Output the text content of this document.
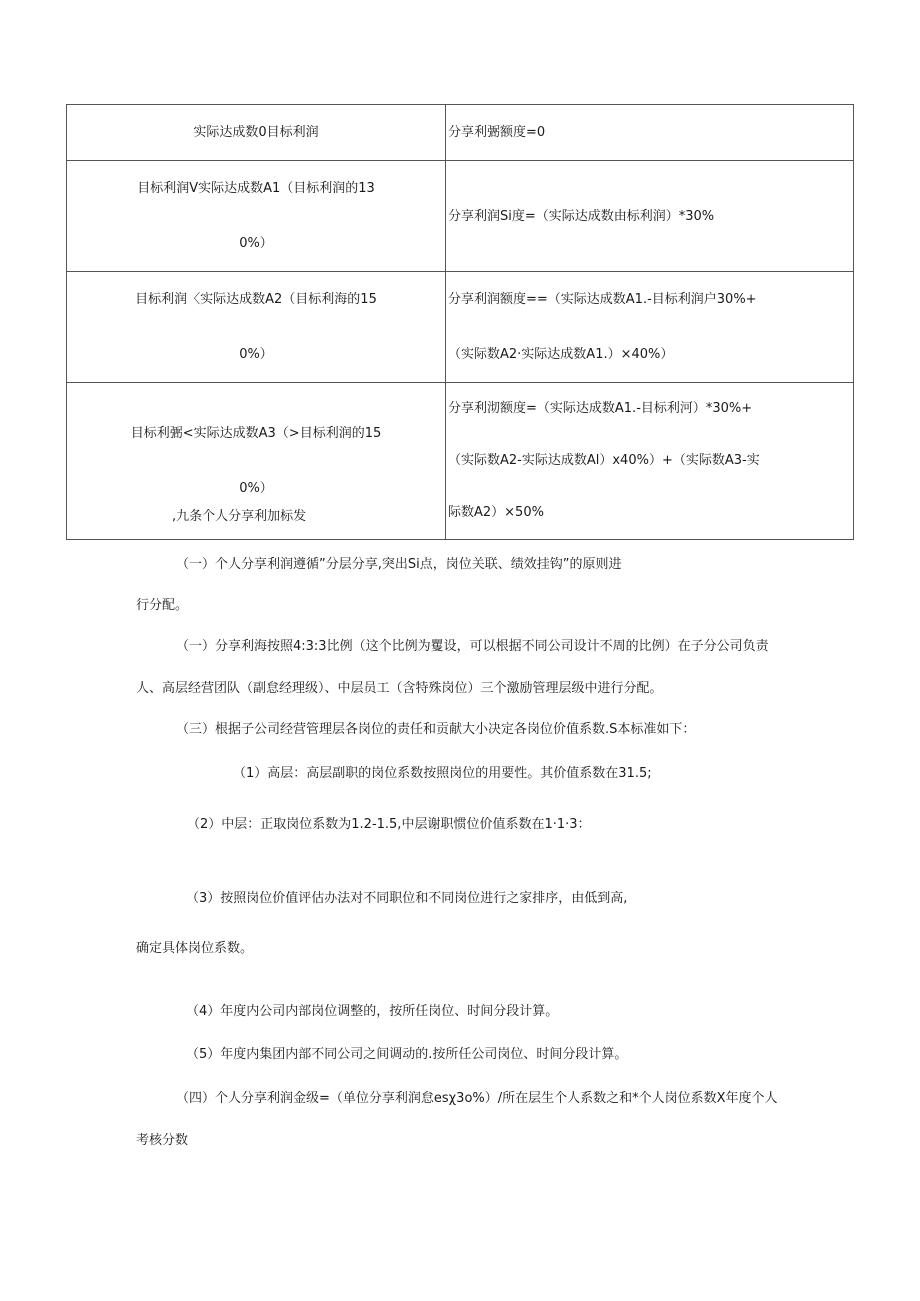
实际达成数0目标利润	分享利弻额度=0

目标利润V实际达成数A1（目标利润的13
0%）	分享利润Si度=（实际达成数由标利润）*30%

目标利润〈实际达成数A2（目标利海的15
0%）	分享利润额度==（实际达成数A1.-目标利润户30%+
（实际数A2·实际达成数A1.）×40%）

目标利弻<实际达成数A3（>目标利润的15
0%）	分享利沏额度=（实际达成数A1.-目标利河）*30%+
（实际数A2-实际达成数Al）x40%）+（实际数A3-实
际数A2）×50%
,九条个人分享利加标发
（一）个人分享利润遵循”分层分享,突出Si点，岗位关联、绩效挂钩”的原则进
行分配。
（一）分享利海按照4:3:3比例（这个比例为矍设，可以根据不同公司设计不周的比例）在子分公司负责
人、高层经营团队（副怠经理级）、中层员工（含特殊岗位）三个激励管理层级中进行分配。
（三）根据子公司经营管理层各岗位的责任和贡献大小决定各岗位价值系数.S本标准如下：
（1）高层：高层副职的岗位系数按照岗位的用要性。其价值系数在31.5;
（2）中层：正取岗位系数为1.2-1.5,中层谢职惯位价值系数在1·1·3：
（3）按照岗位价值评估办法对不同职位和不同岗位进行之家排序，由低到高,
确定具体岗位系数。
（4）年度内公司内部岗位调整的，按所任岗位、时间分段计算。
（5）年度内集团内部不同公司之间调动的.按所任公司岗位、时间分段计算。
（四）个人分享利润金级=（单位分享利润怠esχ3o%）/所在层生个人系数之和*个人岗位系数X年度个人
考核分数
